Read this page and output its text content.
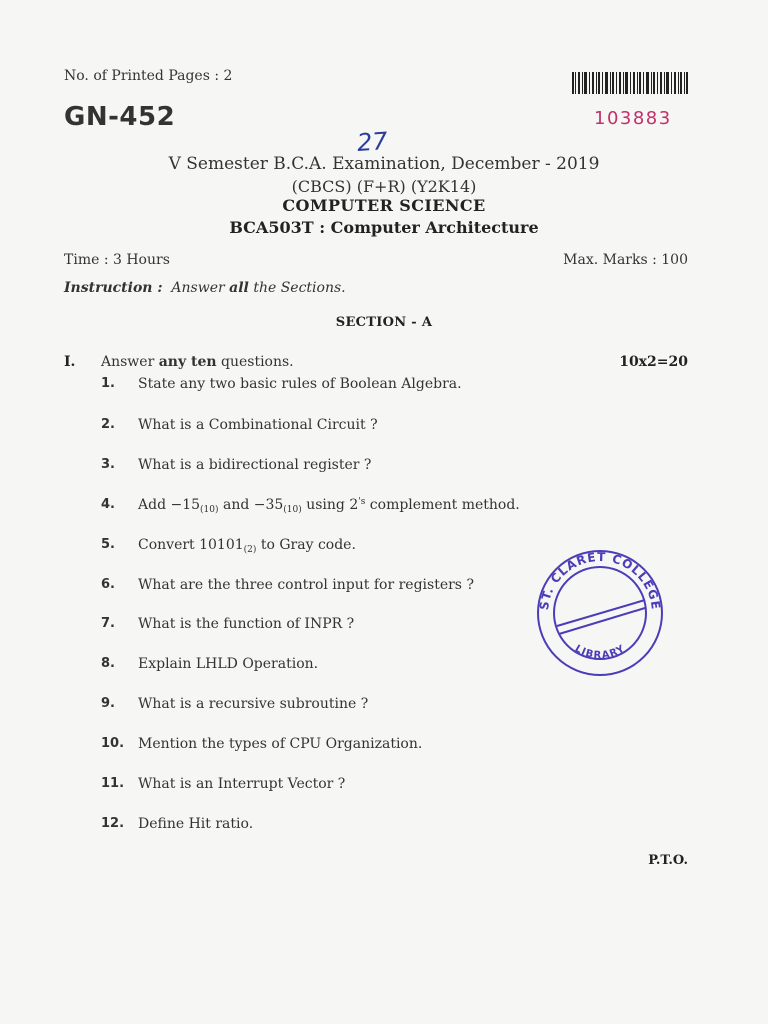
No. of Printed Pages : 2
GN-452	103883
27
V Semester B.C.A. Examination, December - 2019
(CBCS) (F+R) (Y2K14)
COMPUTER SCIENCE
BCA503T : Computer Architecture
Time : 3 Hours	Max. Marks : 100
Instruction : Answer all the Sections.
SECTION - A
I. Answer any ten questions.	10x2=20
1.	State any two basic rules of Boolean Algebra.
2.	What is a Combinational Circuit ?
3.	What is a bidirectional register ?
4.	Add $-15_{(10)}$ and $-35_{(10)}$ using $2^{'s}$ complement method.
5.	Convert $10101_{(2)}$ to Gray code.
6.	What are the three control input for registers ?
7.	What is the function of INPR ?
8.	Explain LHLD Operation.
9.	What is a recursive subroutine ?
10. Mention the types of CPU Organization.
11. What is an Interrupt Vector ?
12. Define Hit ratio.
ST. CLARET COLLEGE
LIBRARY
P.T.O.
